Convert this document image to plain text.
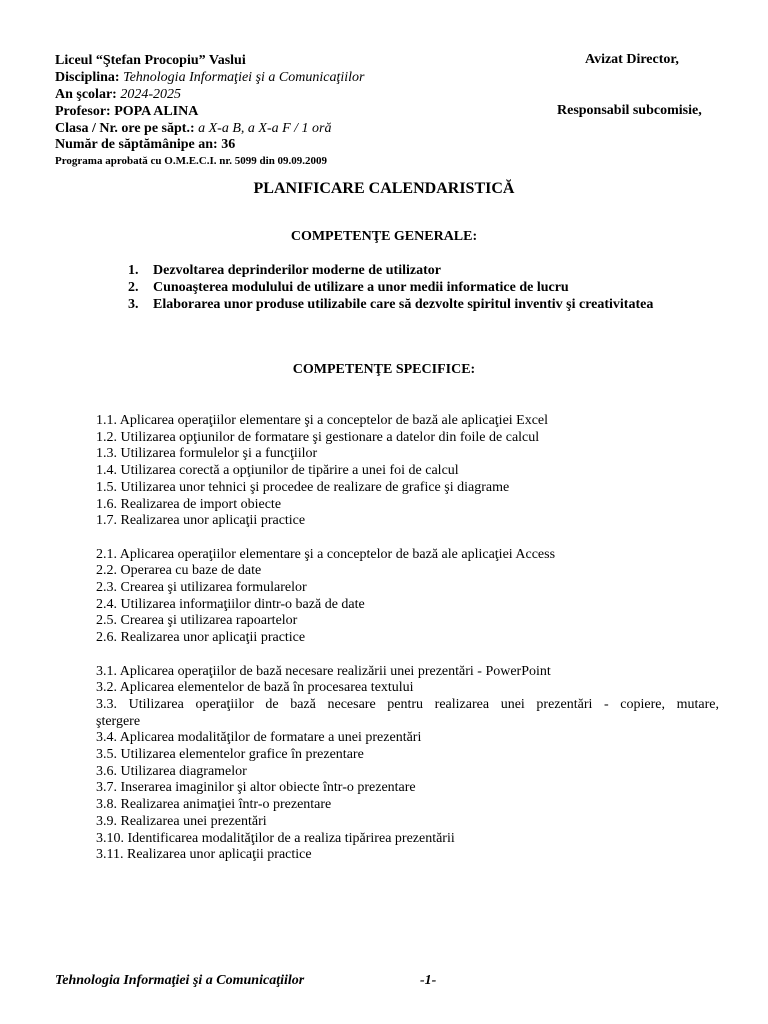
Liceul “Ştefan Procopiu” Vaslui
Disciplina: Tehnologia Informaţiei şi a Comunicaţiilor
An şcolar: 2024-2025
Profesor: POPA ALINA
Clasa / Nr. ore pe săpt.: a X-a B, a X-a F / 1 oră
Număr de săptămânipe an: 36
Programa aprobată cu O.M.E.C.I. nr. 5099 din 09.09.2009
Avizat Director,
Responsabil subcomisie,
PLANIFICARE CALENDARISTICĂ
COMPETENŢE GENERALE:
1. Dezvoltarea deprinderilor moderne de utilizator
2. Cunoaşterea modulului de utilizare a unor medii informatice de lucru
3. Elaborarea unor produse utilizabile care să dezvolte spiritul inventiv şi creativitatea
COMPETENŢE SPECIFICE:
1.1. Aplicarea operaţiilor elementare şi a conceptelor de bază ale aplicaţiei Excel
1.2. Utilizarea opţiunilor de formatare şi gestionare a datelor din foile de calcul
1.3. Utilizarea formulelor şi a funcţiilor
1.4. Utilizarea corectă a opţiunilor de tipărire a unei foi de calcul
1.5. Utilizarea unor tehnici şi procedee de realizare de grafice şi diagrame
1.6. Realizarea de import obiecte
1.7. Realizarea unor aplicaţii practice
2.1. Aplicarea operaţiilor elementare şi a conceptelor de bază ale aplicaţiei Access
2.2. Operarea cu baze de date
2.3. Crearea şi utilizarea formularelor
2.4. Utilizarea informaţiilor dintr-o bază de date
2.5. Crearea şi utilizarea rapoartelor
2.6. Realizarea unor aplicaţii practice
3.1. Aplicarea operaţiilor de bază necesare realizării unei prezentări - PowerPoint
3.2. Aplicarea elementelor de bază în procesarea textului
3.3. Utilizarea operaţiilor de bază necesare pentru realizarea unei prezentări - copiere, mutare,
ştergere
3.4. Aplicarea modalităţilor de formatare a unei prezentări
3.5. Utilizarea elementelor grafice în prezentare
3.6. Utilizarea diagramelor
3.7. Inserarea imaginilor şi altor obiecte într-o prezentare
3.8. Realizarea animaţiei într-o prezentare
3.9. Realizarea unei prezentări
3.10. Identificarea modalităţilor de a realiza tipărirea prezentării
3.11. Realizarea unor aplicaţii practice
Tehnologia Informaţiei şi a Comunicaţiilor	-1-
